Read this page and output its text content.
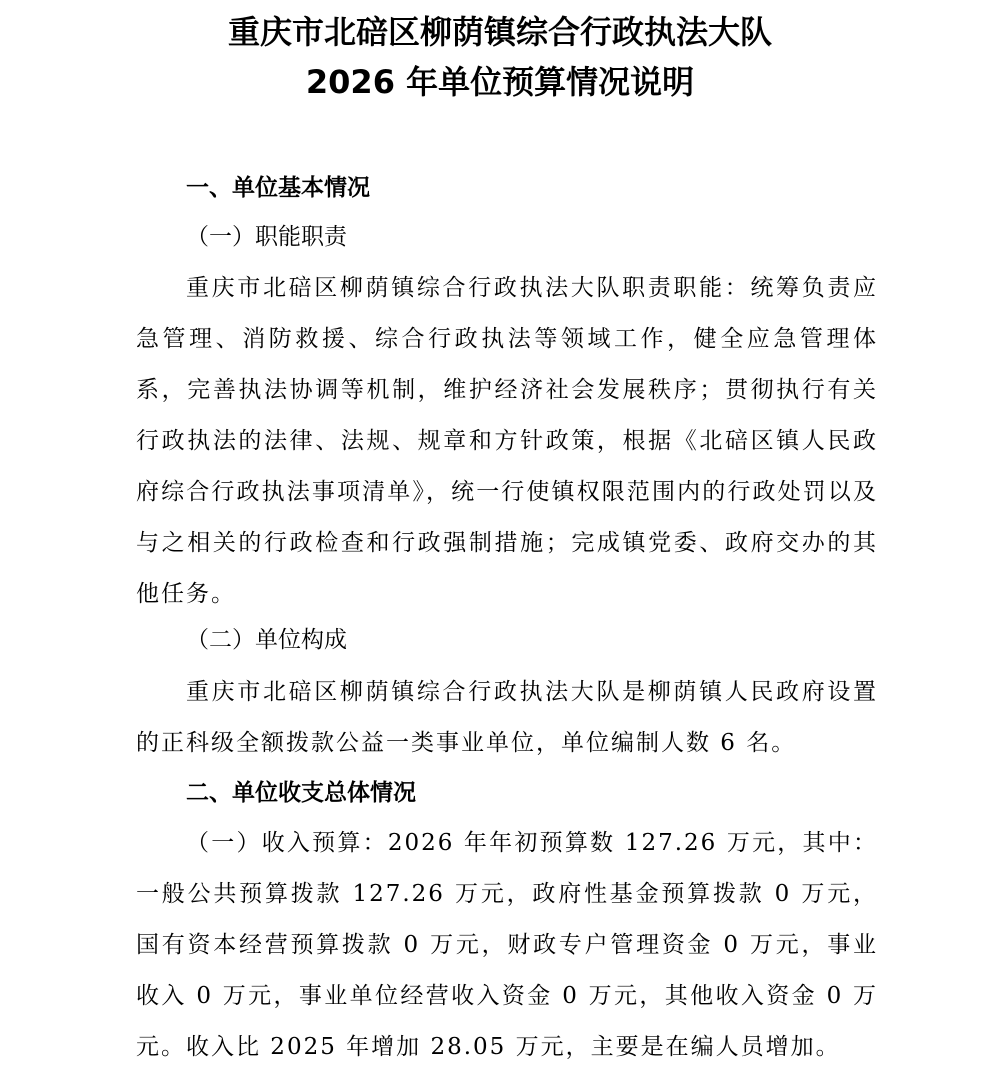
重庆市北碚区柳荫镇综合行政执法大队
2026 年单位预算情况说明
一、单位基本情况
（一）职能职责

重庆市北碚区柳荫镇综合行政执法大队职责职能：统筹负责应急管理、消防救援、综合行政执法等领域工作，健全应急管理体系，完善执法协调等机制，维护经济社会发展秩序；贯彻执行有关行政执法的法律、法规、规章和方针政策，根据《北碚区镇人民政府综合行政执法事项清单》，统一行使镇权限范围内的行政处罚以及与之相关的行政检查和行政强制措施；完成镇党委、政府交办的其他任务。

（二）单位构成

重庆市北碚区柳荫镇综合行政执法大队是柳荫镇人民政府设置的正科级全额拨款公益一类事业单位，单位编制人数 6 名。

二、单位收支总体情况

（一）收入预算：2026 年年初预算数 127.26 万元，其中：一般公共预算拨款 127.26 万元，政府性基金预算拨款 0 万元，国有资本经营预算拨款 0 万元，财政专户管理资金 0 万元，事业收入 0 万元，事业单位经营收入资金 0 万元，其他收入资金 0 万元。收入比 2025 年增加 28.05 万元，主要是在编人员增加。
